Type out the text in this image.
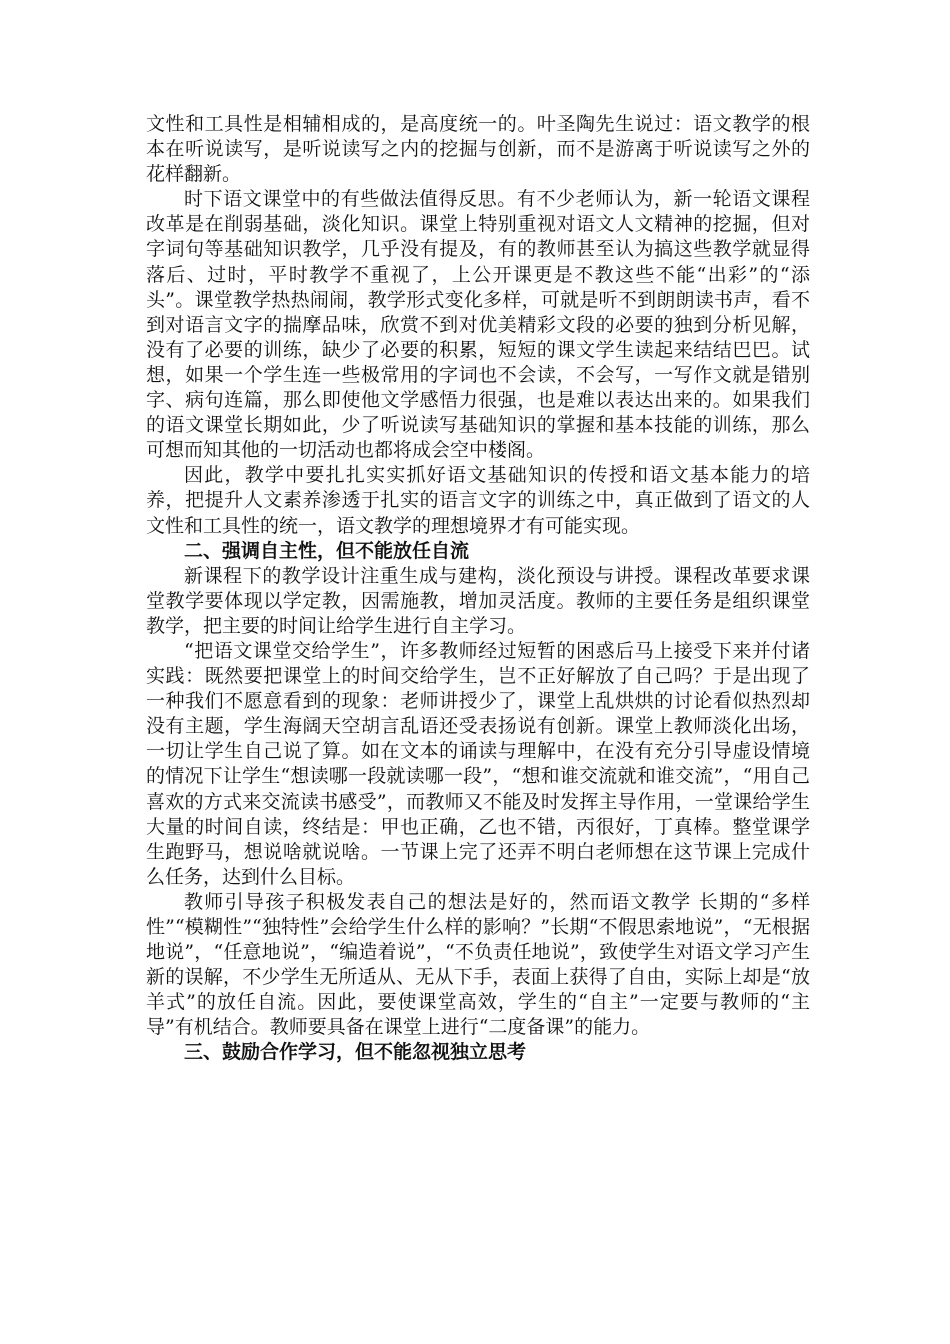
文性和工具性是相辅相成的，是高度统一的。叶圣陶先生说过：语文教学的根本在听说读写，是听说读写之内的挖掘与创新，而不是游离于听说读写之外的花样翻新。

时下语文课堂中的有些做法值得反思。有不少老师认为，新一轮语文课程改革是在削弱基础，淡化知识。课堂上特别重视对语文人文精神的挖掘，但对字词句等基础知识教学，几乎没有提及，有的教师甚至认为搞这些教学就显得落后、过时，平时教学不重视了，上公开课更是不教这些不能“出彩”的“添头”。课堂教学热热闹闹，教学形式变化多样，可就是听不到朗朗读书声，看不到对语言文字的揣摩品味，欣赏不到对优美精彩文段的必要的独到分析见解，没有了必要的训练，缺少了必要的积累，短短的课文学生读起来结结巴巴。试想，如果一个学生连一些极常用的字词也不会读，不会写，一写作文就是错别字、病句连篇，那么即使他文学感悟力很强，也是难以表达出来的。如果我们的语文课堂长期如此，少了听说读写基础知识的掌握和基本技能的训练，那么可想而知其他的一切活动也都将成会空中楼阁。

因此，教学中要扎扎实实抓好语文基础知识的传授和语文基本能力的培养，把提升人文素养渗透于扎实的语言文字的训练之中，真正做到了语文的人文性和工具性的统一，语文教学的理想境界才有可能实现。

二、强调自主性，但不能放任自流

新课程下的教学设计注重生成与建构，淡化预设与讲授。课程改革要求课堂教学要体现以学定教，因需施教，增加灵活度。教师的主要任务是组织课堂教学，把主要的时间让给学生进行自主学习。

“把语文课堂交给学生”，许多教师经过短暂的困惑后马上接受下来并付诸实践：既然要把课堂上的时间交给学生，岂不正好解放了自己吗？于是出现了一种我们不愿意看到的现象：老师讲授少了，课堂上乱烘烘的讨论看似热烈却没有主题，学生海阔天空胡言乱语还受表扬说有创新。课堂上教师淡化出场，一切让学生自己说了算。如在文本的诵读与理解中，在没有充分引导虚设情境的情况下让学生“想读哪一段就读哪一段”，“想和谁交流就和谁交流”，“用自己喜欢的方式来交流读书感受”，而教师又不能及时发挥主导作用，一堂课给学生大量的时间自读，终结是：甲也正确，乙也不错，丙很好，丁真棒。整堂课学生跑野马，想说啥就说啥。一节课上完了还弄不明白老师想在这节课上完成什么任务，达到什么目标。

教师引导孩子积极发表自己的想法是好的，然而语文教学 长期的“多样性”“模糊性”“独特性”会给学生什么样的影响？”长期“不假思索地说”，“无根据地说”，“任意地说”，“编造着说”，“不负责任地说”，致使学生对语文学习产生新的误解，不少学生无所适从、无从下手，表面上获得了自由，实际上却是“放羊式”的放任自流。因此，要使课堂高效，学生的“自主”一定要与教师的“主导”有机结合。教师要具备在课堂上进行“二度备课”的能力。

三、鼓励合作学习，但不能忽视独立思考
